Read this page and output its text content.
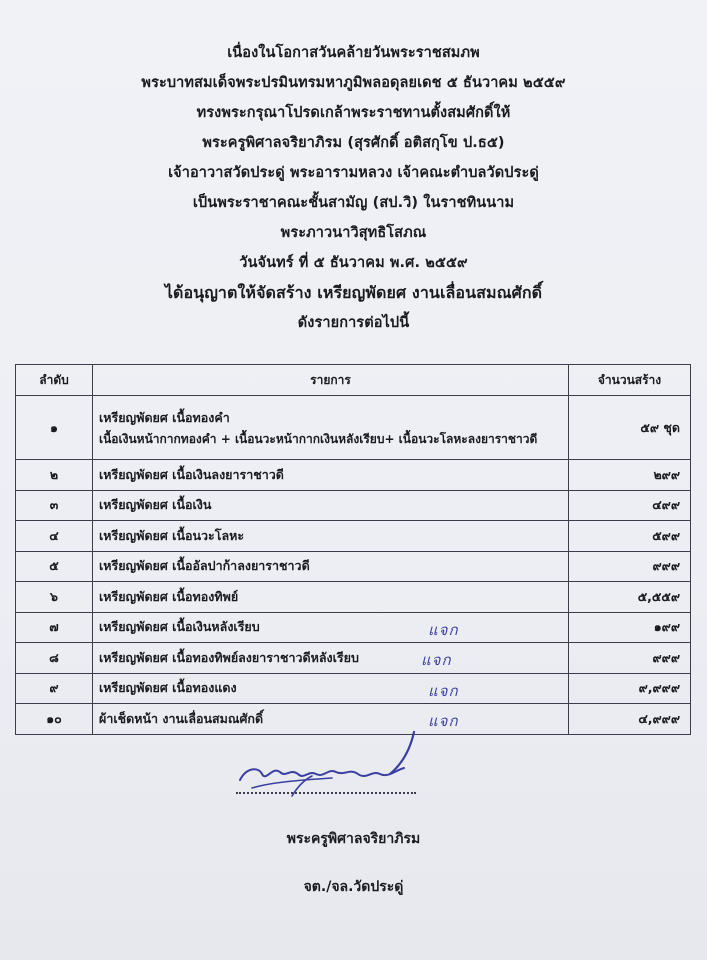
เนื่องในโอกาสวันคล้ายวันพระราชสมภพ
พระบาทสมเด็จพระปรมินทรมหาภูมิพลอดุลยเดช ๕ ธันวาคม ๒๕๕๙
ทรงพระกรุณาโปรดเกล้าพระราชทานตั้งสมศักดิ์ให้
พระครูพิศาลจริยาภิรม (สุรศักดิ์ อติสกุโข ป.ธ๕)
เจ้าอาวาสวัดประดู่ พระอารามหลวง เจ้าคณะตำบลวัดประดู่
เป็นพระราชาคณะชั้นสามัญ (สป.วิ) ในราชทินนาม
พระภาวนาวิสุทธิโสภณ
วันจันทร์ ที่ ๕ ธันวาคม พ.ศ. ๒๕๕๙
ได้อนุญาตให้จัดสร้าง เหรียญพัดยศ งานเลื่อนสมณศักดิ์
ดังรายการต่อไปนี้
ลำดับ	รายการ	จำนวนสร้าง
๑	เหรียญพัดยศ เนื้อทองคำ
เนื้อเงินหน้ากากทองคำ + เนื้อนวะหน้ากากเงินหลังเรียบ+ เนื้อนวะโลหะลงยาราชาวดี	๕๙ ชุด
๒	เหรียญพัดยศ เนื้อเงินลงยาราชาวดี	๒๙๙
๓	เหรียญพัดยศ เนื้อเงิน	๔๙๙
๔	เหรียญพัดยศ เนื้อนวะโลหะ	๕๙๙
๕	เหรียญพัดยศ เนื้ออัลปาก้าลงยาราชาวดี	๙๙๙
๖	เหรียญพัดยศ เนื้อทองทิพย์	๕,๕๕๙
๗	เหรียญพัดยศ เนื้อเงินหลังเรียบ แจก	๑๙๙
๘	เหรียญพัดยศ เนื้อทองทิพย์ลงยาราชาวดีหลังเรียบ แจก	๙๙๙
๙	เหรียญพัดยศ เนื้อทองแดง แจก	๙,๙๙๙
๑๐	ผ้าเช็ดหน้า งานเลื่อนสมณศักดิ์ แจก	๔,๙๙๙
พระครูพิศาลจริยาภิรม
จต./จล.วัดประดู่
